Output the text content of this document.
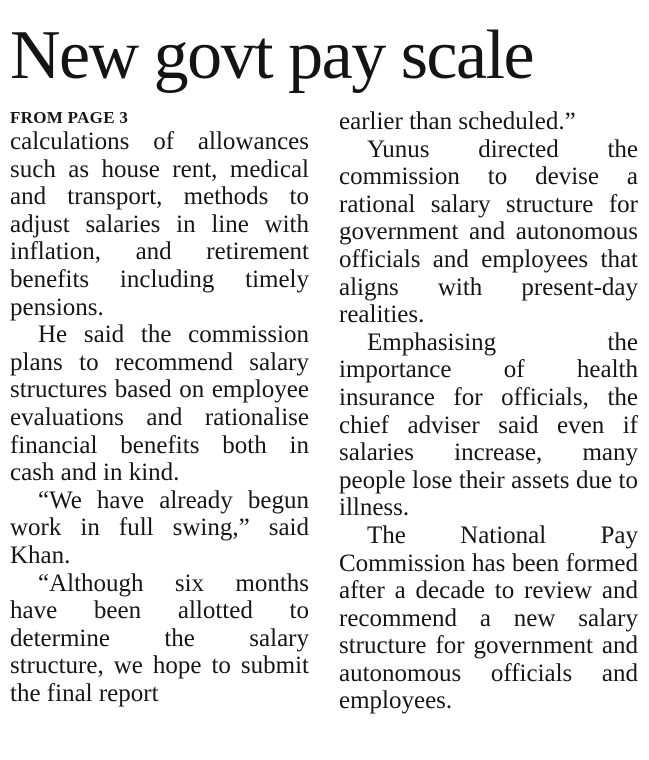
New govt pay scale
FROM PAGE 3

calculations of allowances such as house rent, medical and transport, methods to adjust salaries in line with inflation, and retirement benefits including timely pensions.

He said the commission plans to recommend salary structures based on employee evaluations and rationalise financial benefits both in cash and in kind.

“We have already begun work in full swing,” said Khan.

“Although six months have been allotted to determine the salary structure, we hope to submit the final report

earlier than scheduled.”

Yunus directed the commission to devise a rational salary structure for government and autonomous officials and employees that aligns with present-day realities.

Emphasising the importance of health insurance for officials, the chief adviser said even if salaries increase, many people lose their assets due to illness.

The National Pay Commission has been formed after a decade to review and recommend a new salary structure for government and autonomous officials and employees.
